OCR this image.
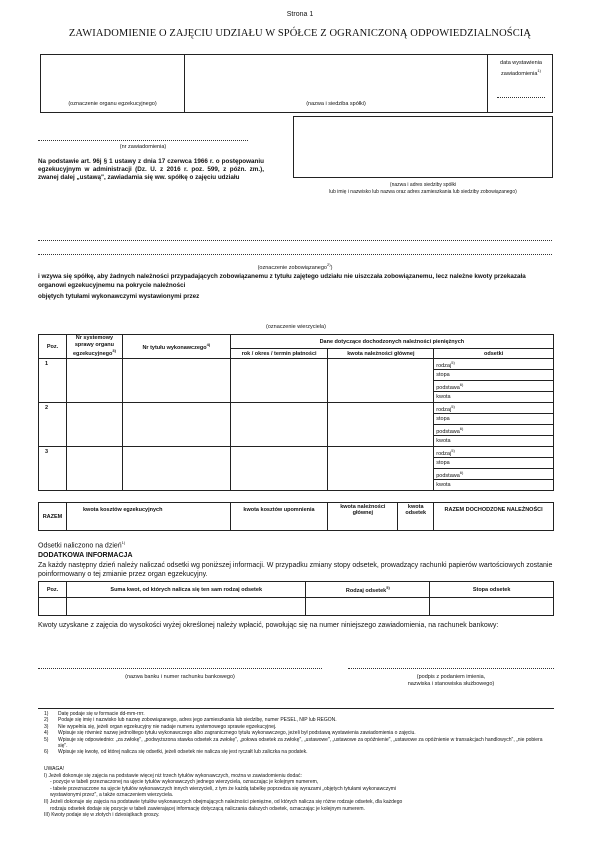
Strona 1
ZAWIADOMIENIE O ZAJĘCIU UDZIAŁU W SPÓŁCE Z OGRANICZONĄ ODPOWIEDZIALNOŚCIĄ
(oznaczenie organu egzekucyjnego)	(nazwa i siedziba spółki)
data wystawienia zawiadomienia$^{1)}$
(nr zawiadomienia)
Na podstawie art. 96j § 1 ustawy z dnia 17 czerwca 1966 r. o postępowaniu egzekucyjnym w administracji (Dz. U. z 2016 r. poz. 599, z późn. zm.), zwanej dalej „ustawą", zawiadamia się ww. spółkę o zajęciu udziału
(nazwa i adres siedziby spółki
lub imię i nazwisko lub nazwa oraz adres zamieszkania lub siedziby zobowiązanego)
(oznaczenie zobowiązanego$^{2)}$)
i wzywa się spółkę, aby żadnych należności przypadających zobowiązanemu z tytułu zajętego udziału nie uiszczała zobowiązanemu, lecz należne kwoty przekazała organowi egzekucyjnemu na pokrycie należności
objętych tytułami wykonawczymi wystawionymi przez
(oznaczenie wierzyciela)
Poz.	Nr systemowy sprawy organu egzekucyjnego$^{3)}$	Nr tytułu wykonawczego$^{4)}$	Dane dotyczące dochodzonych należności pieniężnych		
			rok / okres / termin płatności	kwota należności głównej	odsetki
1					rodzaj$^{5)}$
					stopa
					podstawa$^{6)}$
					kwota
2					rodzaj$^{5)}$
					stopa
					podstawa$^{6)}$
					kwota
3					rodzaj$^{5)}$
					stopa
					podstawa$^{6)}$
					kwota
RAZEM	kwota kosztów egzekucyjnych	kwota kosztów upomnienia	kwota należności głównej	kwota odsetek	RAZEM DOCHODZONE NALEŻNOŚCI

Odsetki naliczono na dzień$^{1)}$
DODATKOWA INFORMACJA
Za każdy następny dzień należy naliczać odsetki wg poniższej informacji. W przypadku zmiany stopy odsetek, prowadzący rachunki papierów wartościowych zostanie poinformowany o tej zmianie przez organ egzekucyjny.
Poz.	Suma kwot, od których nalicza się ten sam rodzaj odsetek	Rodzaj odsetek$^{5)}$	Stopa odsetek

Kwoty uzyskane z zajęcia do wysokości wyżej określonej należy wpłacić, powołując się na numer niniejszego zawiadomienia, na rachunek bankowy:
(nazwa banku i numer rachunku bankowego)	(podpis z podaniem imienia,
nazwiska i stanowiska służbowego)
1)	Datę podaje się w formacie dd-mm-rrrr.
2)	Podaje się imię i nazwisko lub nazwę zobowiązanego, adres jego zamieszkania lub siedzibę, numer PESEL, NIP lub REGON.
3)	Nie wypełnia się, jeżeli organ egzekucyjny nie nadaje numeru systemowego sprawie egzekucyjnej.
4)	Wpisuje się również nazwę jednolitego tytułu wykonawczego albo zagranicznego tytułu wykonawczego, jeżeli był podstawą wystawienia zawiadomienia o zajęciu.
5)	Wpisuje się odpowiednio: „za zwłokę", „podwyższona stawka odsetek za zwłokę", „połowa odsetek za zwłokę", „ustawowe", „ustawowe za opóźnienie", „ustawowe za opóźnienie w transakcjach handlowych", „nie pobiera się".
6)	Wpisuje się kwotę, od której nalicza się odsetki, jeżeli odsetek nie nalicza się jest ryczałt lub zaliczka na podatek.
UWAGA!
I) Jeżeli dokonuje się zajęcia na podstawie więcej niż trzech tytułów wykonawczych, można w zawiadomieniu dodać:
- pozycje w tabeli przeznaczonej na ujęcie tytułów wykonawczych jednego wierzyciela, oznaczając je kolejnym numerem,
- tabele przeznaczone na ujęcie tytułów wykonawczych innych wierzycieli, z tym że każdą tabelkę poprzedza się wyrazami „objętych tytułami wykonawczymi
wystawionymi przez", a także oznaczeniem wierzyciela.
II) Jeżeli dokonuje się zajęcia na podstawie tytułów wykonawczych obejmujących należności pieniężne, od których nalicza się różne rodzaje odsetek, dla każdego
rodzaju odsetek dodaje się pozycje w tabeli zawierającej informację dotyczącą naliczania dalszych odsetek, oznaczając je kolejnym numerem.
III) Kwoty podaje się w złotych i dziesiątkach groszy.
